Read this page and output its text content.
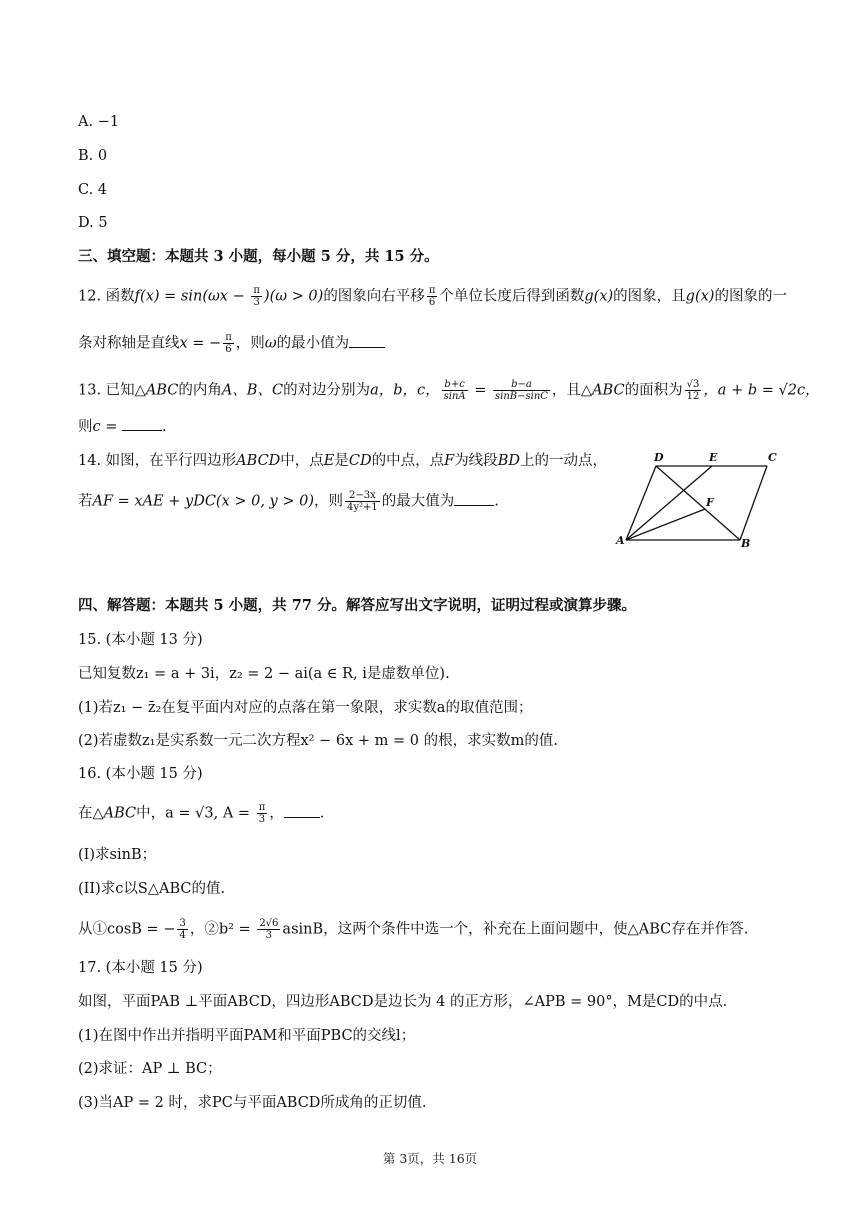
A. −1
B. 0
C. 4
D. 5
三、填空题：本题共 3 小题，每小题 5 分，共 15 分。
12. 函数$f(x) = \sin(\omega x - \frac{\pi}{3} )(\omega > 0)$的图象向右平移 $\frac{\pi}{6}$ 个单位长度后得到函数g(x)的图象，且g(x)的图象的一
条对称轴是直线x = − $\frac{\pi}{6}$ ，则ω的最小值为
13. 已知△ABC的内角A、B、C的对边分别为a，b，c， $\frac{b+c}{\sin A} = \frac{b-a}{\sin B-\sin C}$ ，且△ABC的面积为 $\frac{√3}{12}$ ，a + b = √2c，
则c =	.
14. 如图，在平行四边形ABCD中，点E是CD的中点，点F为线段BD上的一动点，
若AF = xAE + yDC(x > 0, y > 0)，则 $\frac{2-3x}{\text{4y²+1}}$ 的最大值为	.
D	E	C
F
A	B
四、解答题：本题共 5 小题，共 77 分。解答应写出文字说明，证明过程或演算步骤。
15. (本小题 13 分)
已知复数z₁ = a + 3i，z₂ = 2 − ai(a ∈ R, i是虚数单位).
(1)若z₁ − z̄₂在复平面内对应的点落在第一象限，求实数a的取值范围；
(2)若虚数z₁是实系数一元二次方程x² − 6x + m = 0 的根，求实数m的值.
16. (本小题 15 分)
在△ABC中，a = √3, $A = \frac{\pi}{3}$ ， .
(I)求sinB；
(II)求c以S△ABC的值.
从①cosB = − $\frac{3}{4}$ ，②b² = $\frac{2√6}{3}$ asinB，这两个条件中选一个，补充在上面问题中，使△ABC存在并作答.
17. (本小题 15 分)
如图，平面PAB ⊥平面ABCD，四边形ABCD是边长为 4 的正方形，∠APB = 90°，M是CD的中点.
(1)在图中作出并指明平面PAM和平面PBC的交线l；
(2)求证：AP ⊥ BC；
(3)当AP = 2 时，求PC与平面ABCD所成角的正切值.
第 3页，共 16页
